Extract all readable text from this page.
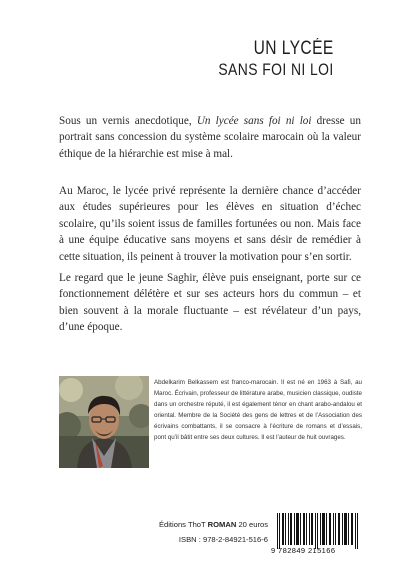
UN LYCÉE
SANS FOI NI LOI

Sous un vernis anecdotique, Un lycée sans foi ni loi dresse un portrait sans concession du système scolaire marocain où la valeur éthique de la hiérarchie est mise à mal.

Au Maroc, le lycée privé représente la dernière chance d’accéder aux études supérieures pour les élèves en situation d’échec scolaire, qu’ils soient issus de familles fortunées ou non. Mais face à une équipe éducative sans moyens et sans désir de remédier à cette situation, ils peinent à trouver la motivation pour s’en sortir.

Le regard que le jeune Saghir, élève puis enseignant, porte sur ce fonctionnement délétère et sur ses acteurs hors du commun – et bien souvent à la morale fluctuante – est révélateur d’un pays, d’une époque.

Abdelkarim Belkassem est franco-marocain. Il est né en 1963 à Safi, au Maroc. Écrivain, professeur de littérature arabe, musicien classique, oudiste dans un orchestre réputé, il est également ténor en chant arabo-andalou et oriental. Membre de la Société des gens de lettres et de l’Association des écrivains combattants, il se consacre à l’écriture de romans et d’essais, pont qu’il bâtit entre ses deux cultures. Il est l’auteur de huit ouvrages.

Éditions ThoT ROMAN 20 euros
ISBN : 978-2-84921-516-6
9 782849 215166
